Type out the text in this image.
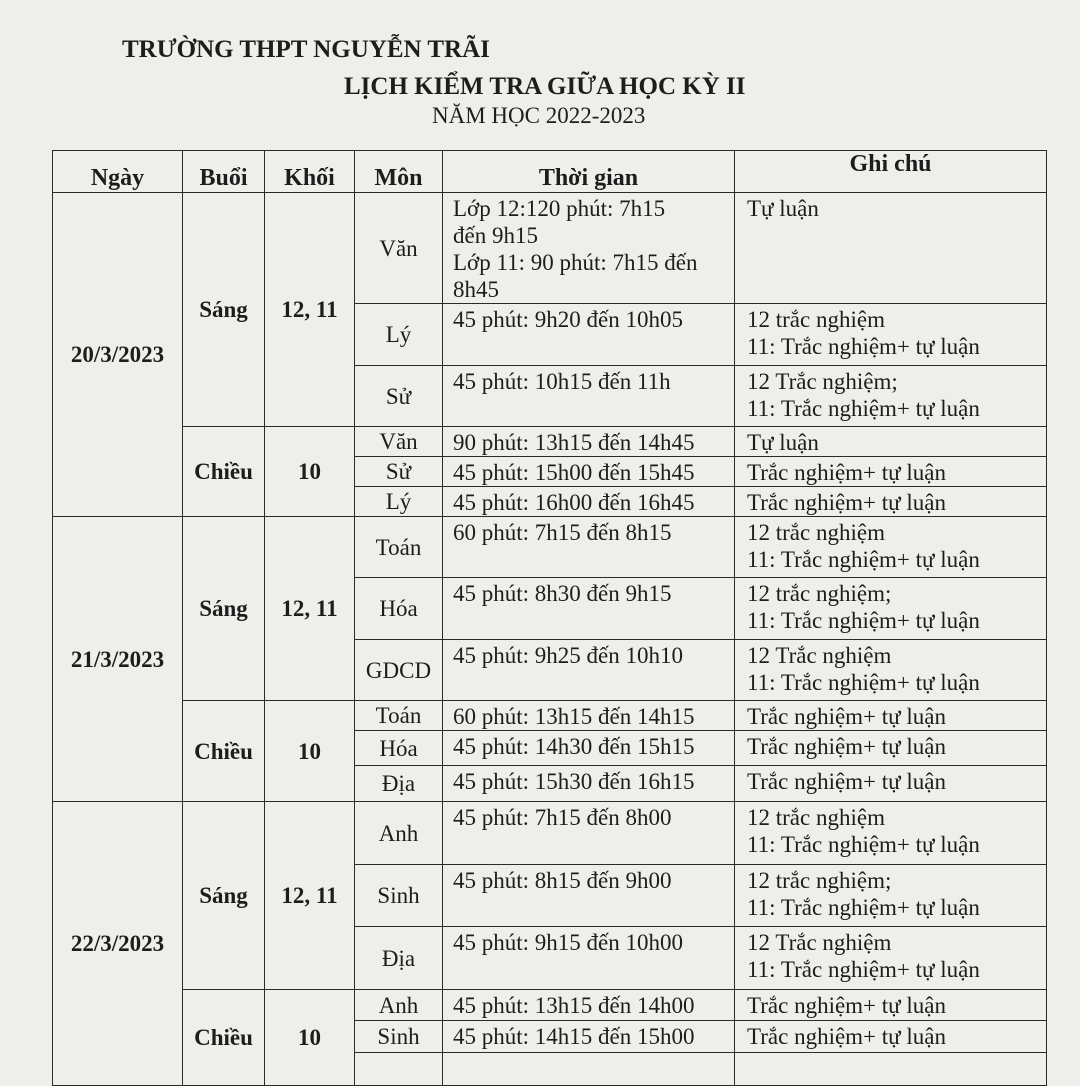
TRƯỜNG THPT NGUYỄN TRÃI
LỊCH KIỂM TRA GIỮA HỌC KỲ II
NĂM HỌC 2022-2023
Ngày	Buổi	Khối	Môn	Thời gian	Ghi chú
20/3/2023	Sáng	12, 11	Văn	Lớp 12:120 phút: 7h15
đến 9h15
Lớp 11: 90 phút: 7h15 đến
8h45	Tự luận
			Lý	45 phút: 9h20 đến 10h05	12 trắc nghiệm
11: Trắc nghiệm+ tự luận
			Sử	45 phút: 10h15 đến 11h	12 Trắc nghiệm;
11: Trắc nghiệm+ tự luận
	Chiều	10	Văn	90 phút: 13h15 đến 14h45	Tự luận
			Sử	45 phút: 15h00 đến 15h45	Trắc nghiệm+ tự luận
			Lý	45 phút: 16h00 đến 16h45	Trắc nghiệm+ tự luận
21/3/2023	Sáng	12, 11	Toán	60 phút: 7h15 đến 8h15	12 trắc nghiệm
11: Trắc nghiệm+ tự luận
			Hóa	45 phút: 8h30 đến 9h15	12 trắc nghiệm;
11: Trắc nghiệm+ tự luận
			GDCD	45 phút: 9h25 đến 10h10	12 Trắc nghiệm
11: Trắc nghiệm+ tự luận
	Chiều	10	Toán	60 phút: 13h15 đến 14h15	Trắc nghiệm+ tự luận
			Hóa	45 phút: 14h30 đến 15h15	Trắc nghiệm+ tự luận
			Địa	45 phút: 15h30 đến 16h15	Trắc nghiệm+ tự luận
22/3/2023	Sáng	12, 11	Anh	45 phút: 7h15 đến 8h00	12 trắc nghiệm
11: Trắc nghiệm+ tự luận
			Sinh	45 phút: 8h15 đến 9h00	12 trắc nghiệm;
11: Trắc nghiệm+ tự luận
			Địa	45 phút: 9h15 đến 10h00	12 Trắc nghiệm
11: Trắc nghiệm+ tự luận
	Chiều	10	Anh	45 phút: 13h15 đến 14h00	Trắc nghiệm+ tự luận
			Sinh	45 phút: 14h15 đến 15h00	Trắc nghiệm+ tự luận
